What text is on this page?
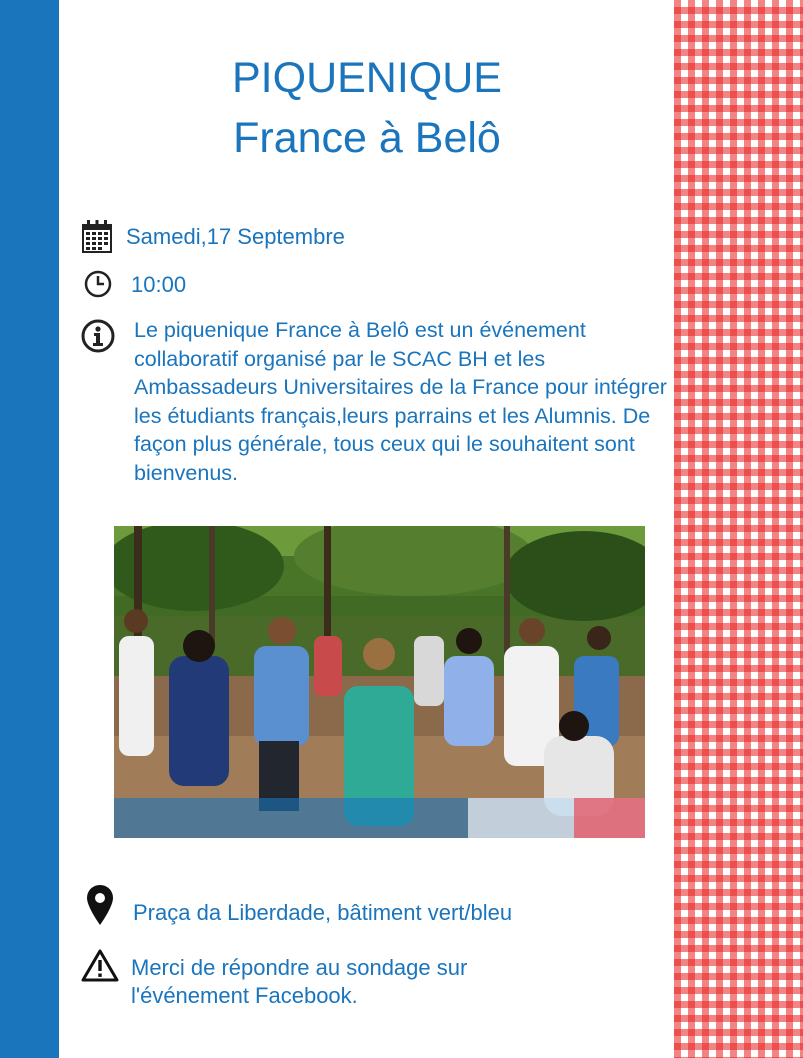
PIQUENIQUE
France à Belô
Samedi,17 Septembre
10:00

Le piquenique France à Belô est un événement collaboratif organisé par le SCAC BH et les Ambassadeurs Universitaires de la France pour intégrer les étudiants français,leurs parrains et les Alumnis. De façon plus générale, tous ceux qui le souhaitent sont bienvenus.

Praça da Liberdade, bâtiment vert/bleu
Merci de répondre au sondage sur l'événement Facebook.
